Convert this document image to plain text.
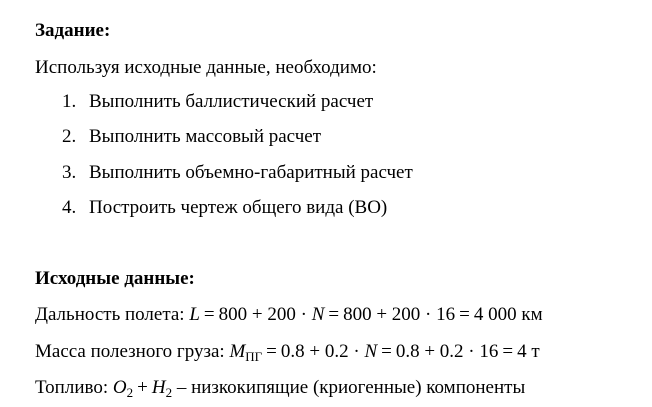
Задание:
Используя исходные данные, необходимо:
1. Выполнить баллистический расчет
2. Выполнить массовый расчет
3. Выполнить объемно-габаритный расчет
4. Построить чертеж общего вида (ВО)
Исходные данные:
Дальность полета: L = 800 + 200 · N = 800 + 200 · 16 = 4 000 км
Масса полезного груза: $M_{ПГ} = 0.8 + 0.2 \cdot N = 0.8 + 0.2 \cdot 16 = 4$ т
Топливо: $O_2 + H_2$ – низкокипящие (криогенные) компоненты
